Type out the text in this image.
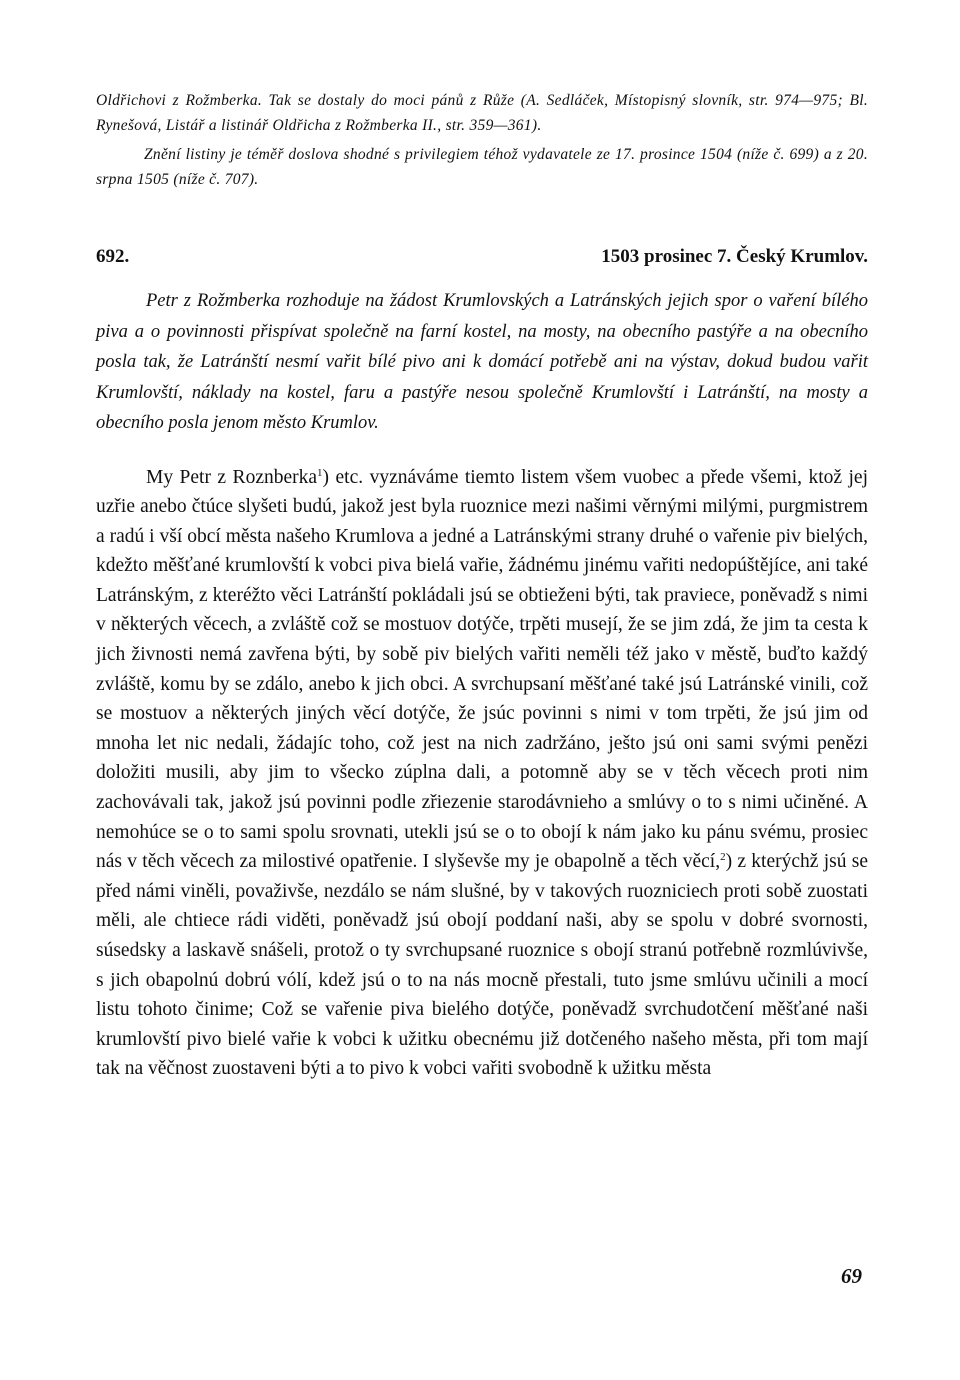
Oldřichovi z Rožmberka. Tak se dostaly do moci pánů z Růže (A. Sedláček, Místopisný slovník, str. 974—975; Bl. Rynešová, Listář a listinář Oldřicha z Rožmberka II., str. 359—361).

Znění listiny je téměř doslova shodné s privilegiem téhož vydavatele ze 17. prosince 1504 (níže č. 699) a z 20. srpna 1505 (níže č. 707).

692.	1503 prosinec 7. Český Krumlov.

Petr z Rožmberka rozhoduje na žádost Krumlovských a Latránských jejich spor o vaření bílého piva a o povinnosti přispívat společně na farní kostel, na mosty, na obecního pastýře a na obecního posla tak, že Latránští nesmí vařit bílé pivo ani k domácí potřebě ani na výstav, dokud budou vařit Krumlovští, náklady na kostel, faru a pastýře nesou společně Krumlovští i Latránští, na mosty a obecního posla jenom město Krumlov.

My Petr z Roznberka$^1$) etc. vyznáváme tiemto listem všem vuobec a přede všemi, ktož jej uzřie anebo čtúce slyšeti budú, jakož jest byla ruoznice mezi našimi věrnými milými, purgmistrem a radú i vší obcí města našeho Krumlova a jedné a Latránskými strany druhé o vařenie piv bielých, kdežto měšťané krumlovští k vobci piva bielá vařie, žádnému jinému vařiti nedopúštějíce, ani také Latránským, z kteréžto věci Latránští pokládali jsú se obtieženi býti, tak praviece, poněvadž s nimi v některých věcech, a zvláště což se mostuov dotýče, trpěti musejí, že se jim zdá, že jim ta cesta k jich živnosti nemá zavřena býti, by sobě piv bielých vařiti neměli též jako v městě, buďto každý zvláště, komu by se zdálo, anebo k jich obci. A svrchupsaní měšťané také jsú Latránské vinili, což se mostuov a některých jiných věcí dotýče, že jsúc povinni s nimi v tom trpěti, že jsú jim od mnoha let nic nedali, žádajíc toho, což jest na nich zadržáno, ješto jsú oni sami svými penězi doložiti musili, aby jim to všecko zúplna dali, a potomně aby se v těch věcech proti nim zachovávali tak, jakož jsú povinni podle zřiezenie starodávnieho a smlúvy o to s nimi učiněné. A nemohúce se o to sami spolu srovnati, utekli jsú se o to obojí k nám jako ku pánu svému, prosiec nás v těch věcech za milostivé opatřenie. I slyševše my je obapolně a těch věcí,$^2$) z kterýchž jsú se před námi viněli, považivše, nezdálo se nám slušné, by v takových ruozniciech proti sobě zuostati měli, ale chtiece rádi viděti, poněvadž jsú obojí poddaní naši, aby se spolu v dobré svornosti, súsedsky a laskavě snášeli, protož o ty svrchupsané ruoznice s obojí stranú potřebně rozmlúvivše, s jich obapolnú dobrú vólí, kdež jsú o to na nás mocně přestali, tuto jsme smlúvu učinili a mocí listu tohoto činime; Což se vařenie piva bielého dotýče, poněvadž svrchudotčení měšťané naši krumlovští pivo bielé vařie k vobci k užitku obecnému již dotčeného našeho města, při tom mají tak na věčnost zuostaveni býti a to pivo k vobci vařiti svobodně k užitku města

69
